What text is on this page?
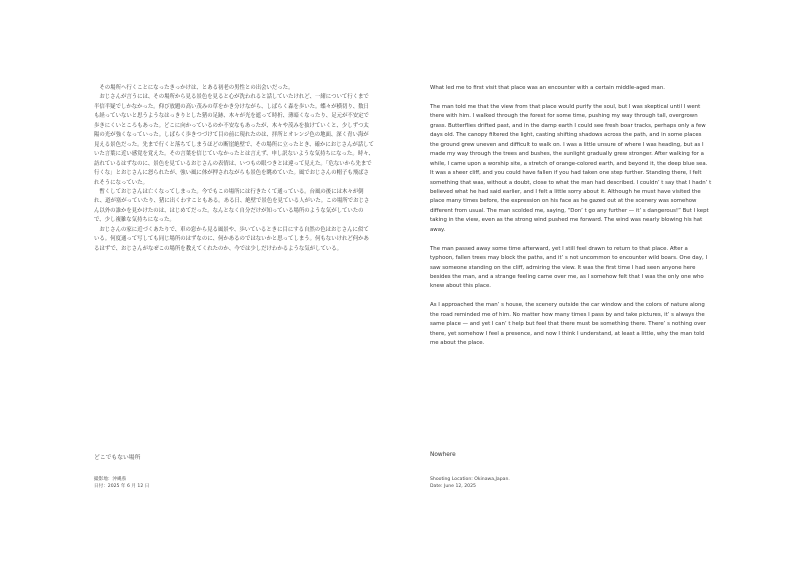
その場所へ行くことになったきっかけは、とある初老の男性との出会いだった。

おじさんが言うには、その場所から見る景色を見ると心が洗われると話していたけれど、一緒について行くまで半信半疑でしかなかった。仰び放題の高い茂みの草をかき分けながら、しばらく森を歩いた。蝶々が横切り、数日も経っていないと思うようなはっきりとした猪の足跡、木々が光を遮って時折、薄暗くなったり、足元が不安定で歩きにくいところもあった。どこに向かっているのか不安なもあったが、木々や茂みを抜けていくと、少しずつ太陽の光が強くなっていった。しばらく歩きつづけて目の前に現れたのは、拝所とオレンジ色の地面、深く青い海が見える景色だった。先まで行くと落ちてしまうほどの断崖絶壁で、その場所に立ったとき、確かにおじさんが話していた言葉に近い感覚を覚えた。その言葉を信じていなかったとは言えず、申し訳ないような気持ちになった。時々、訪れているはずなのに、景色を見ているおじさんの表情は、いつもの眼つきとは違って見えた。「危ないから先まで行くな」とおじさんに怒られたが、強い風に体が押されながらも景色を眺めていた。風でおじさんの帽子も飛ばされそうになっていた。

暫くしておじさんは亡くなってしまった。今でもこの場所には行きたくて通っている。台風の後には木々が倒れ、道が塞がっていたり、猪に出くわすこともある。ある日、絶壁で景色を見ている人がいた。この場所でおじさん以外の誰かを見かけたのは、はじめてだった。なんとなく自分だけが知っている場所のような気がしていたので、少し複雑な気持ちになった。

おじさんの家に近づくあたりで、車の窓から見る風景や、歩いているときに目にする自然の色はおじさんに似ている。何度通って写しても同じ場所のはずなのに、何かあるのではないかと思ってしまう。何もないけれど何かあるはずで、おじさんがなぜこの場所を教えてくれたのか、今では少しだけわかるような気がしている。

どこでもない場所
撮影地：沖縄県
日付：2025 年 6 月 12 日

What led me to first visit that place was an encounter with a certain middle-aged man.

The man told me that the view from that place would purify the soul, but I was skeptical until I went there with him. I walked through the forest for some time, pushing my way through tall, overgrown grass. Butterflies drifted past, and in the damp earth I could see fresh boar tracks, perhaps only a few days old. The canopy filtered the light, casting shifting shadows across the path, and in some places the ground grew uneven and difficult to walk on. I was a little unsure of where I was heading, but as I made my way through the trees and bushes, the sunlight gradually grew stronger. After walking for a while, I came upon a worship site, a stretch of orange-colored earth, and beyond it, the deep blue sea. It was a sheer cliff, and you could have fallen if you had taken one step further. Standing there, I felt something that was, without a doubt, close to what the man had described. I couldn’ t say that I hadn’ t believed what he had said earlier, and I felt a little sorry about it. Although he must have visited the place many times before, the expression on his face as he gazed out at the scenery was somehow different from usual. The man scolded me, saying, “Don’ t go any further — it’ s dangerous!” But I kept taking in the view, even as the strong wind pushed me forward. The wind was nearly blowing his hat away.

The man passed away some time afterward, yet I still feel drawn to return to that place. After a typhoon, fallen trees may block the paths, and it’ s not uncommon to encounter wild boars. One day, I saw someone standing on the cliff, admiring the view. It was the first time I had seen anyone here besides the man, and a strange feeling came over me, as I somehow felt that I was the only one who knew about this place.

As I approached the man’ s house, the scenery outside the car window and the colors of nature along the road reminded me of him. No matter how many times I pass by and take pictures, it’ s always the same place — and yet I can’ t help but feel that there must be something there. There’ s nothing over there, yet somehow I feel a presence, and now I think I understand, at least a little, why the man told me about the place.

Nowhere
Shooting Location: Okinawa,Japan.
Date: June 12, 2025
